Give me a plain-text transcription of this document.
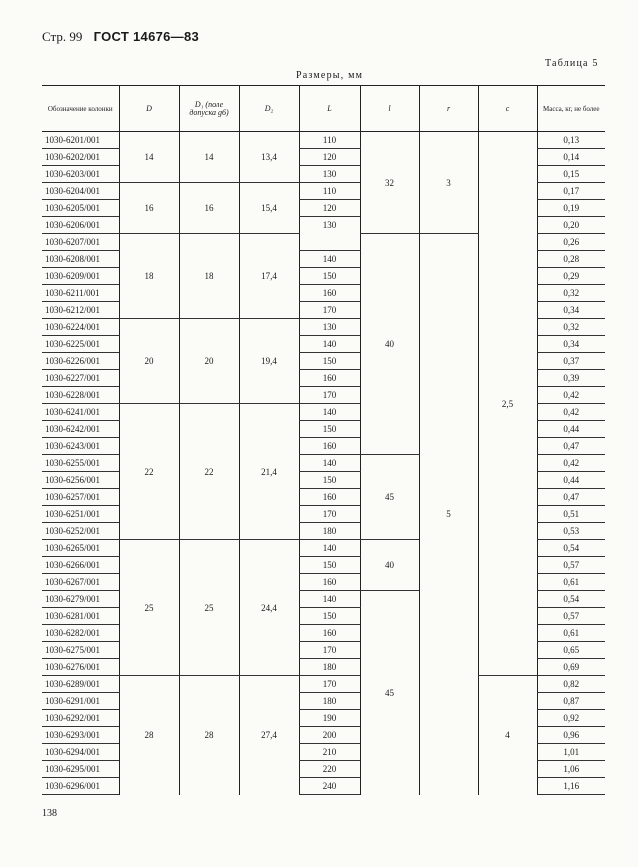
Стр. 99 ГОСТ 14676—83
Таблица 5
Размеры, мм
Обозначение колонки	D	D₁ (поле допуска g6)	D₂	L	l	r	c	Масса, кг, не более
1030-6201/001	14	14	13,4	110	32	3	2,5	0,13
1030-6202/001				120				0,14
1030-6203/001				130				0,15
1030-6204/001	16	16	15,4	110				0,17
1030-6205/001				120				0,19
1030-6206/001				130				0,20
1030-6207/001	18	18	17,4		40	5		0,26
1030-6208/001				140				0,28
1030-6209/001				150				0,29
1030-6211/001				160				0,32
1030-6212/001				170				0,34
1030-6224/001	20	20	19,4	130				0,32
1030-6225/001				140				0,34
1030-6226/001				150				0,37
1030-6227/001				160				0,39
1030-6228/001				170				0,42
1030-6241/001	22	22	21,4	140				0,42
1030-6242/001				150				0,44
1030-6243/001				160				0,47
1030-6255/001				140	45			0,42
1030-6256/001				150				0,44
1030-6257/001				160				0,47
1030-6251/001				170				0,51
1030-6252/001				180				0,53
1030-6265/001	25	25	24,4	140	40			0,54
1030-6266/001				150				0,57
1030-6267/001				160				0,61
1030-6279/001				140	45			0,54
1030-6281/001				150				0,57
1030-6282/001				160				0,61
1030-6275/001				170				0,65
1030-6276/001				180				0,69
1030-6289/001	28	28	27,4	170			4	0,82
1030-6291/001				180				0,87
1030-6292/001				190				0,92
1030-6293/001				200				0,96
1030-6294/001				210				1,01
1030-6295/001				220				1,06
1030-6296/001				240				1,16
138
